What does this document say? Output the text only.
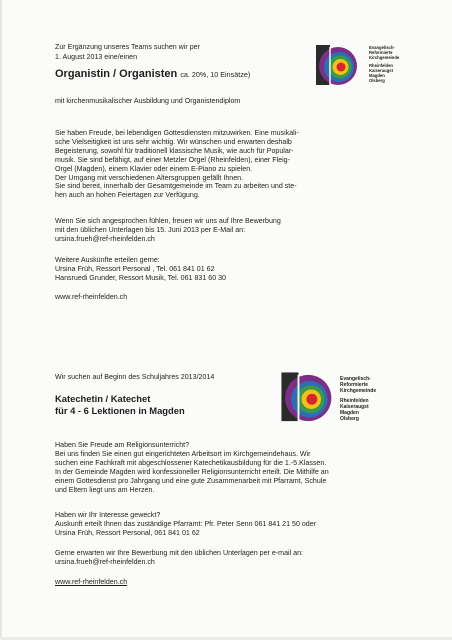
Zur Ergänzung unseres Teams suchen wir per
1. August 2013 eine/einen
Organistin / Organisten ca. 20%, 10 Einsätze)
mit kirchenmusikalischer Ausbildung und Organistendiplom
Evangelisch-
Reformierte
Kirchgemeinde
Rheinfelden
Kaiseraugst
Magden
Olsberg
Sie haben Freude, bei lebendigen Gottesdiensten mitzuwirken. Eine musikali-
sche Vielseitigkeit ist uns sehr wichtig. Wir wünschen und erwarten deshalb
Begeisterung, sowohl für traditionell klassische Musik, wie auch für Popular-
musik. Sie sind befähigt, auf einer Metzler Orgel (Rheinfelden), einer Fleig-
Orgel (Magden), einem Klavier oder einem E-Piano zu spielen.
Der Umgang mit verschiedenen Altersgruppen gefällt Ihnen.
Sie sind bereit, innerhalb der Gesamtgemeinde im Team zu arbeiten und ste-
hen auch an hohen Feiertagen zur Verfügung.
Wenn Sie sich angesprochen fühlen, freuen wir uns auf Ihre Bewerbung
mit den üblichen Unterlagen bis 15. Juni 2013 per E-Mail an:
ursina.frueh@ref-rheinfelden.ch
Weitere Auskünfte erteilen gerne:
Ursina Früh, Ressort Personal , Tel. 061 841 01 62
Hansruedi Grunder, Ressort Musik, Tel. 061 831 60 30
www.ref-rheinfelden.ch
Wir suchen auf Beginn des Schuljahres 2013/2014
Katechetin / Katechet
für 4 - 6 Lektionen in Magden
Evangelisch-
Reformierte
Kirchgemeinde
Rheinfelden
Kaiseraugst
Magden
Olsberg
Haben Sie Freude am Religionsunterricht?
Bei uns finden Sie einen gut eingerichteten Arbeitsort im Kirchgemeindehaus. Wir
suchen eine Fachkraft mit abgeschlossener Katechetikausbildung für die 1.-5.Klassen.
In der Gemeinde Magden wird konfessioneller Religionsunterricht erteilt. Die Mithilfe an
einem Gottesdienst pro Jahrgang und eine gute Zusammenarbeit mit Pfarramt, Schule
und Eltern liegt uns am Herzen.
Haben wir Ihr Interesse geweckt?
Auskunft erteilt Ihnen das zuständige Pfarramt: Pfr. Peter Senn 061 841 21 50 oder
Ursina Früh, Ressort Personal, 061 841 01 62
Gerne erwarten wir Ihre Bewerbung mit den üblichen Unterlagen per e-mail an:
ursina.frueh@ref-rheinfelden.ch
www.ref-rheinfelden.ch
